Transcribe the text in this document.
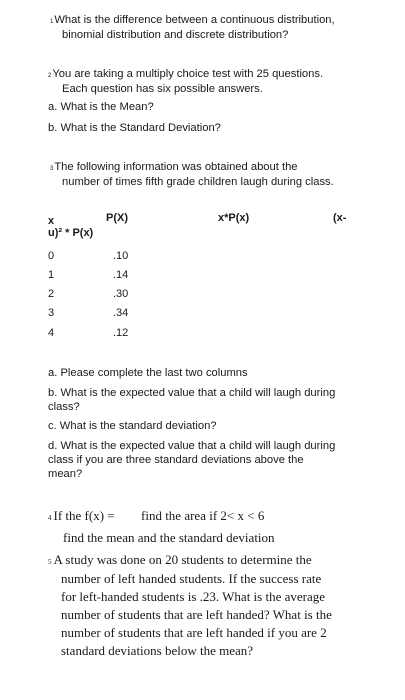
1What is the difference between a continuous distribution,
binomial distribution and discrete distribution?
2You are taking a multiply choice test with 25 questions.
Each question has six possible answers.
a. What is the Mean?
b. What is the Standard Deviation?
3The following information was obtained about the
number of times fifth grade children laugh during class.
x	P(X)	x*P(x)	(x-
u)² * P(x)
0	.10
1	.14
2	.30
3	.34
4	.12
a. Please complete the last two columns
b. What is the expected value that a child will laugh during
class?
c. What is the standard deviation?
d. What is the expected value that a child will laugh during
class if you are three standard deviations above the
mean?
4 If the f(x) = find the area if 2< x < 6
find the mean and the standard deviation
5 A study was done on 20 students to determine the
number of left handed students. If the success rate
for left-handed students is .23. What is the average
number of students that are left handed? What is the
number of students that are left handed if you are 2
standard deviations below the mean?
